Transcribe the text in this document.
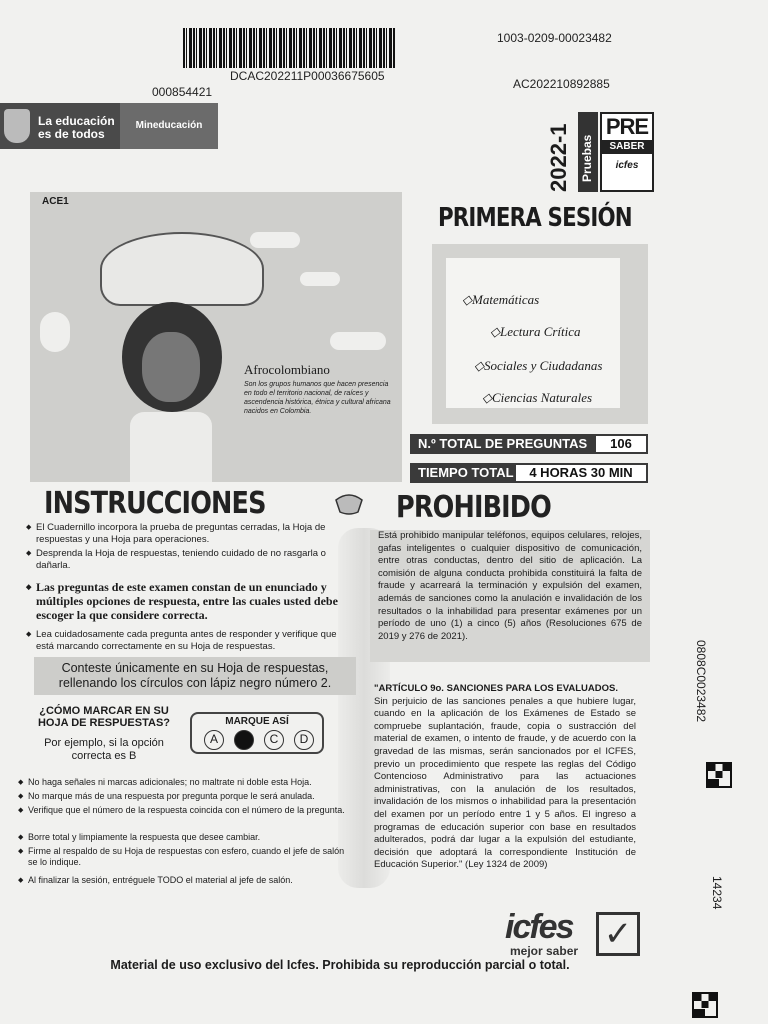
1003-0209-00023482
DCAC202211P00036675605
000854421
AC202210892885
La educación es de todos
Mineducación	2022-1 Pruebas
PRE
SABER
icfes
ACE1
Afrocolombiano
Son los grupos humanos que hacen presencia en todo el territorio nacional, de raíces y ascendencia histórica, étnica y cultural africana nacidos en Colombia.
PRIMERA SESIÓN
◇Matemáticas
◇Lectura Crítica
◇Sociales y Ciudadanas
◇Ciencias Naturales
N.º TOTAL DE PREGUNTAS	106
TIEMPO TOTAL	4 HORAS 30 MIN
INSTRUCCIONES	PROHIBIDO
◆ El Cuadernillo incorpora la prueba de preguntas cerradas, la Hoja de respuestas y una Hoja para operaciones.
◆ Desprenda la Hoja de respuestas, teniendo cuidado de no rasgarla o dañarla.
◆ Las preguntas de este examen constan de un enunciado y múltiples opciones de respuesta, entre las cuales usted debe escoger la que considere correcta.
◆ Lea cuidadosamente cada pregunta antes de responder y verifique que está marcando correctamente en su Hoja de respuestas.
Conteste únicamente en su Hoja de respuestas, rellenando los círculos con lápiz negro número 2.
¿CÓMO MARCAR EN SU HOJA DE RESPUESTAS?
Por ejemplo, si la opción correcta es B
MARQUE ASÍ
A	C	D
◆ No haga señales ni marcas adicionales; no maltrate ni doble esta Hoja.
◆ No marque más de una respuesta por pregunta porque le será anulada.
◆ Verifique que el número de la respuesta coincida con el número de la pregunta.
◆ Borre total y limpiamente la respuesta que desee cambiar.
◆ Firme al respaldo de su Hoja de respuestas con esfero, cuando el jefe de salón se lo indique.
◆ Al finalizar la sesión, entréguele TODO el material al jefe de salón.
Está prohibido manipular teléfonos, equipos celulares, relojes, gafas inteligentes o cualquier dispositivo de comunicación, entre otras conductas, dentro del sitio de aplicación. La comisión de alguna conducta prohibida constituirá la falta de fraude y acarreará la terminación y expulsión del examen, además de sanciones como la anulación e invalidación de los resultados o la inhabilidad para presentar exámenes por un período de uno (1) a cinco (5) años (Resoluciones 675 de 2019 y 276 de 2021).
"ARTÍCULO 9o. SANCIONES PARA LOS EVALUADOS.
Sin perjuicio de las sanciones penales a que hubiere lugar, cuando en la aplicación de los Exámenes de Estado se compruebe suplantación, fraude, copia o sustracción del material de examen, o intento de fraude, y de acuerdo con la gravedad de las mismas, serán sancionados por el ICFES, previo un procedimiento que respete las reglas del Código Contencioso Administrativo para las actuaciones administrativas, con la anulación de los resultados, invalidación de los mismos o inhabilidad para la presentación del examen por un período entre 1 y 5 años. El ingreso a programas de educación superior con base en resultados adulterados, podrá dar lugar a la expulsión del estudiante, decisión que adoptará la correspondiente Institución de Educación Superior." (Ley 1324 de 2009)
0808C0023482
14234
icfes
mejor saber ✓
Material de uso exclusivo del Icfes. Prohibida su reproducción parcial o total.
